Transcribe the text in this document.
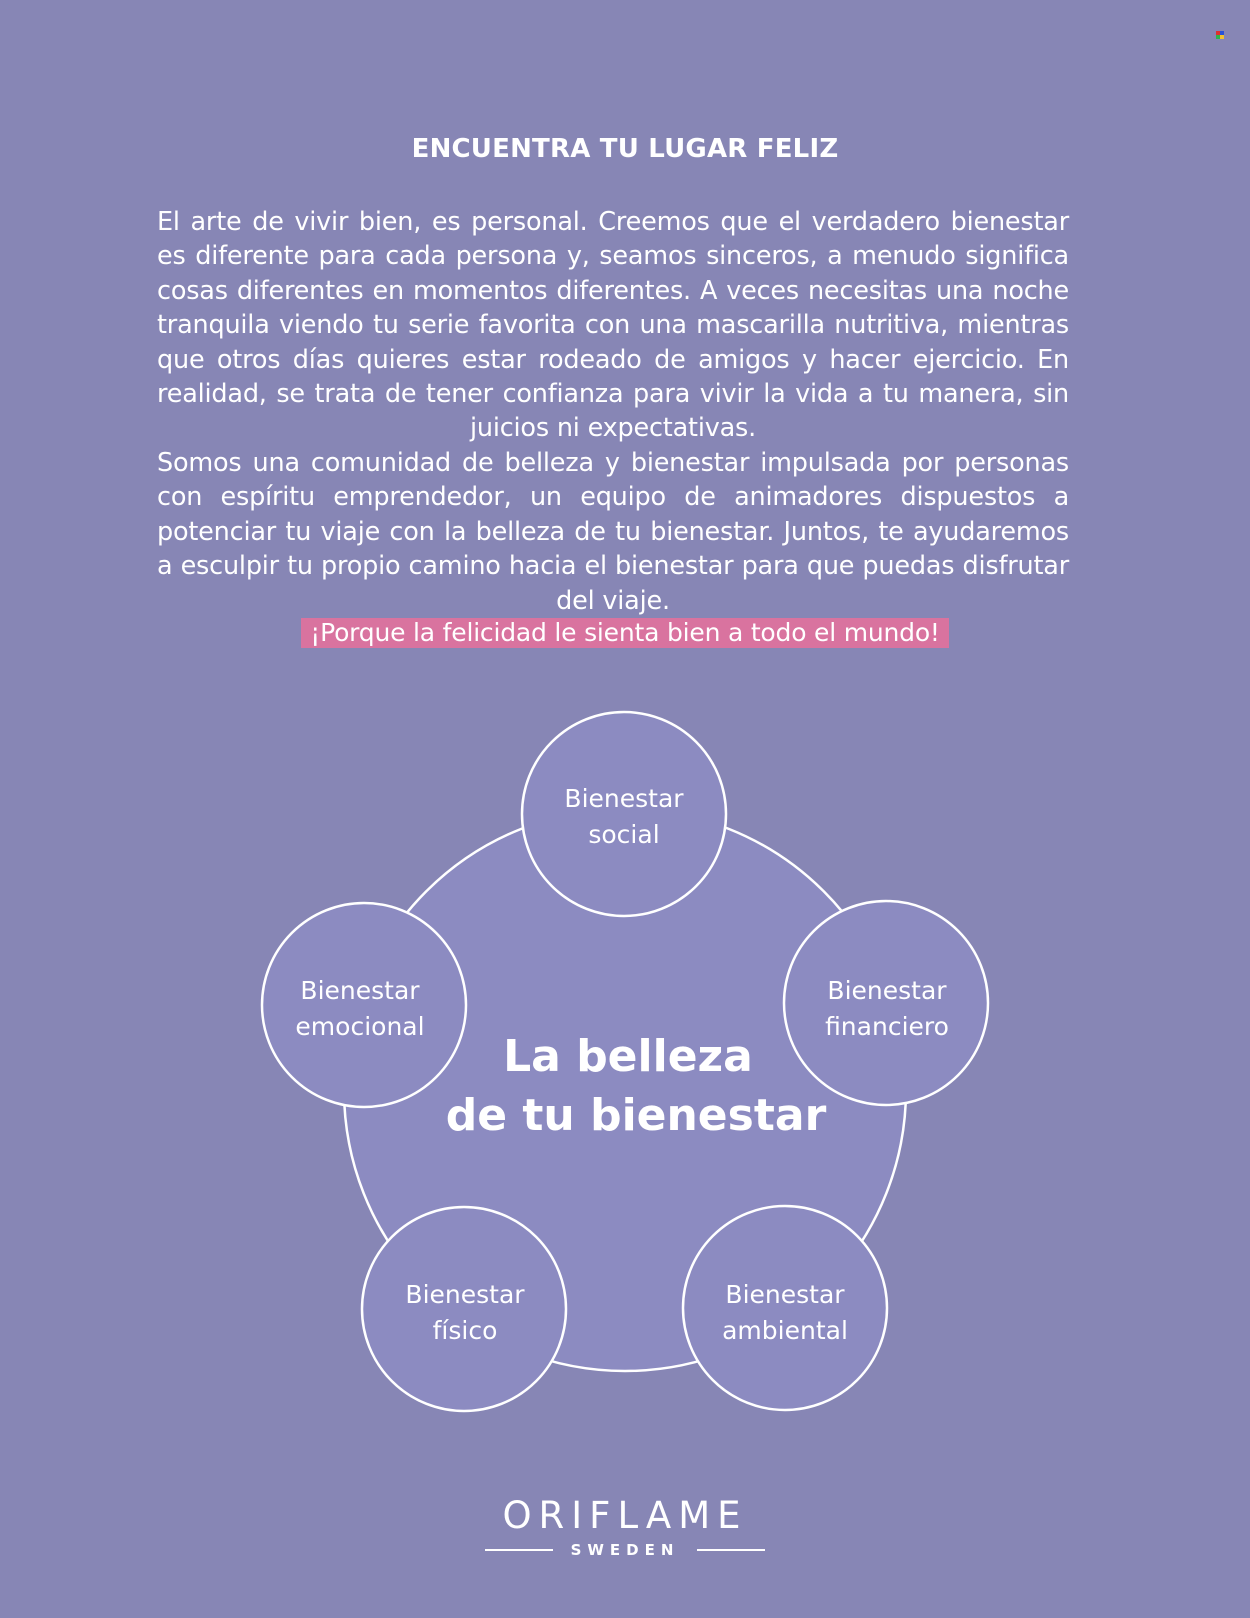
ENCUENTRA TU LUGAR FELIZ

El arte de vivir bien, es personal. Creemos que el verdadero bienestar es diferente para cada persona y, seamos sinceros, a menudo significa cosas diferentes en momentos diferentes. A veces necesitas una noche tranquila viendo tu serie favorita con una mascarilla nutritiva, mientras que otros días quieres estar rodeado de amigos y hacer ejercicio. En realidad, se trata de tener confianza para vivir la vida a tu manera, sin juicios ni expectativas.

Somos una comunidad de belleza y bienestar impulsada por personas con espíritu emprendedor, un equipo de animadores dispuestos a potenciar tu viaje con la belleza de tu bienestar. Juntos, te ayudaremos a esculpir tu propio camino hacia el bienestar para que puedas disfrutar del viaje.

¡Porque la felicidad le sienta bien a todo el mundo!
La belleza
de tu bienestar
Bienestar
social
Bienestar
financiero
Bienestar
ambiental
Bienestar
físico
Bienestar
emocional
ORIFLAME
SWEDEN
